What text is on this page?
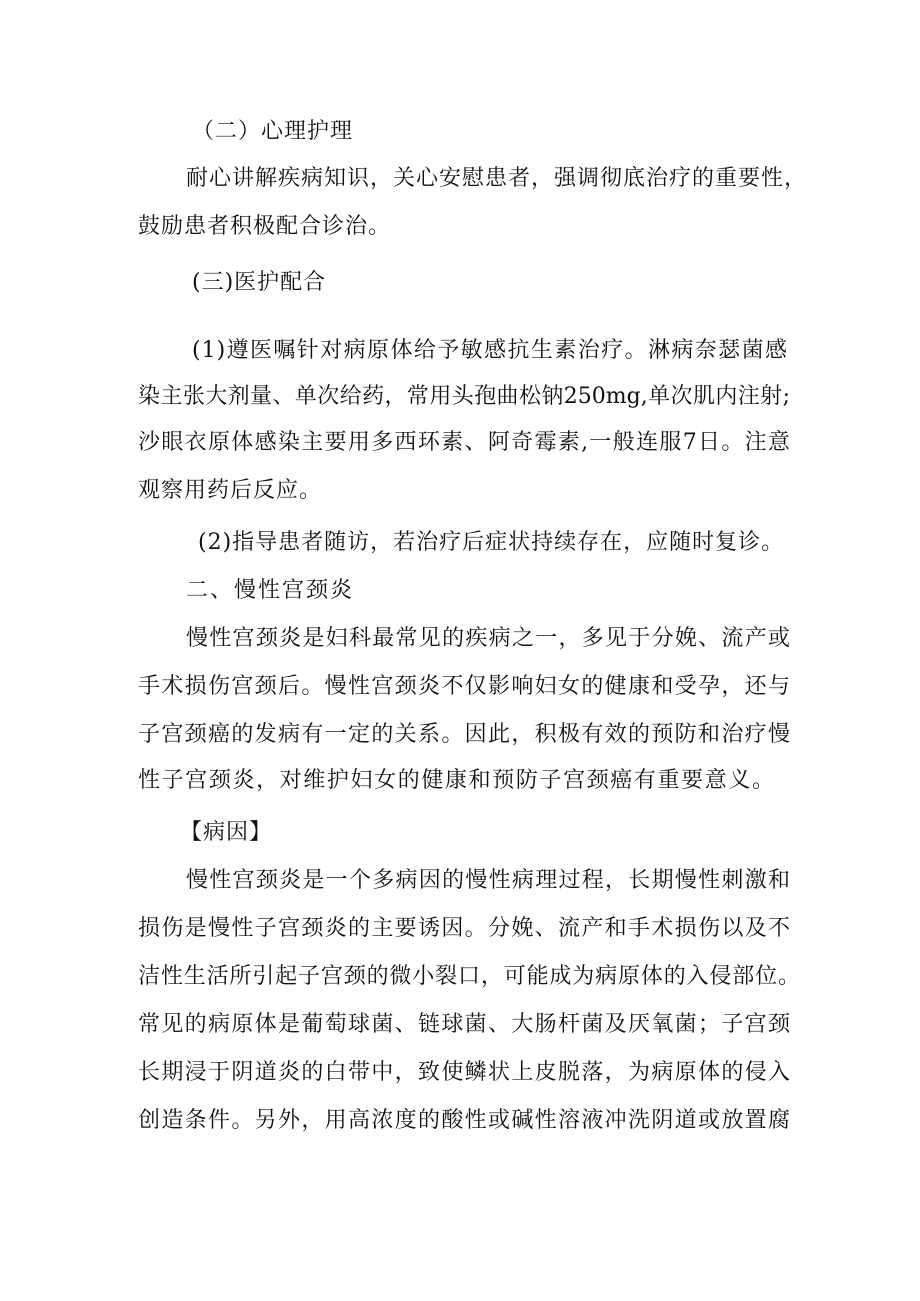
（二）心理护理
耐心讲解疾病知识，关心安慰患者，强调彻底治疗的重要性，
鼓励患者积极配合诊治。
(三)医护配合
(1)遵医嘱针对病原体给予敏感抗生素治疗。淋病奈瑟菌感
染主张大剂量、单次给药，常用头孢曲松钠250mg,单次肌内注射;
沙眼衣原体感染主要用多西环素、阿奇霉素,一般连服7日。注意
观察用药后反应。
(2)指导患者随访，若治疗后症状持续存在，应随时复诊。
二、慢性宫颈炎
慢性宫颈炎是妇科最常见的疾病之一，多见于分娩、流产或
手术损伤宫颈后。慢性宫颈炎不仅影响妇女的健康和受孕，还与
子宫颈癌的发病有一定的关系。因此，积极有效的预防和治疗慢
性子宫颈炎，对维护妇女的健康和预防子宫颈癌有重要意义。
【病因】
慢性宫颈炎是一个多病因的慢性病理过程，长期慢性刺激和
损伤是慢性子宫颈炎的主要诱因。分娩、流产和手术损伤以及不
洁性生活所引起子宫颈的微小裂口，可能成为病原体的入侵部位。
常见的病原体是葡萄球菌、链球菌、大肠杆菌及厌氧菌；子宫颈
长期浸于阴道炎的白带中，致使鳞状上皮脱落，为病原体的侵入
创造条件。另外，用高浓度的酸性或碱性溶液冲洗阴道或放置腐
